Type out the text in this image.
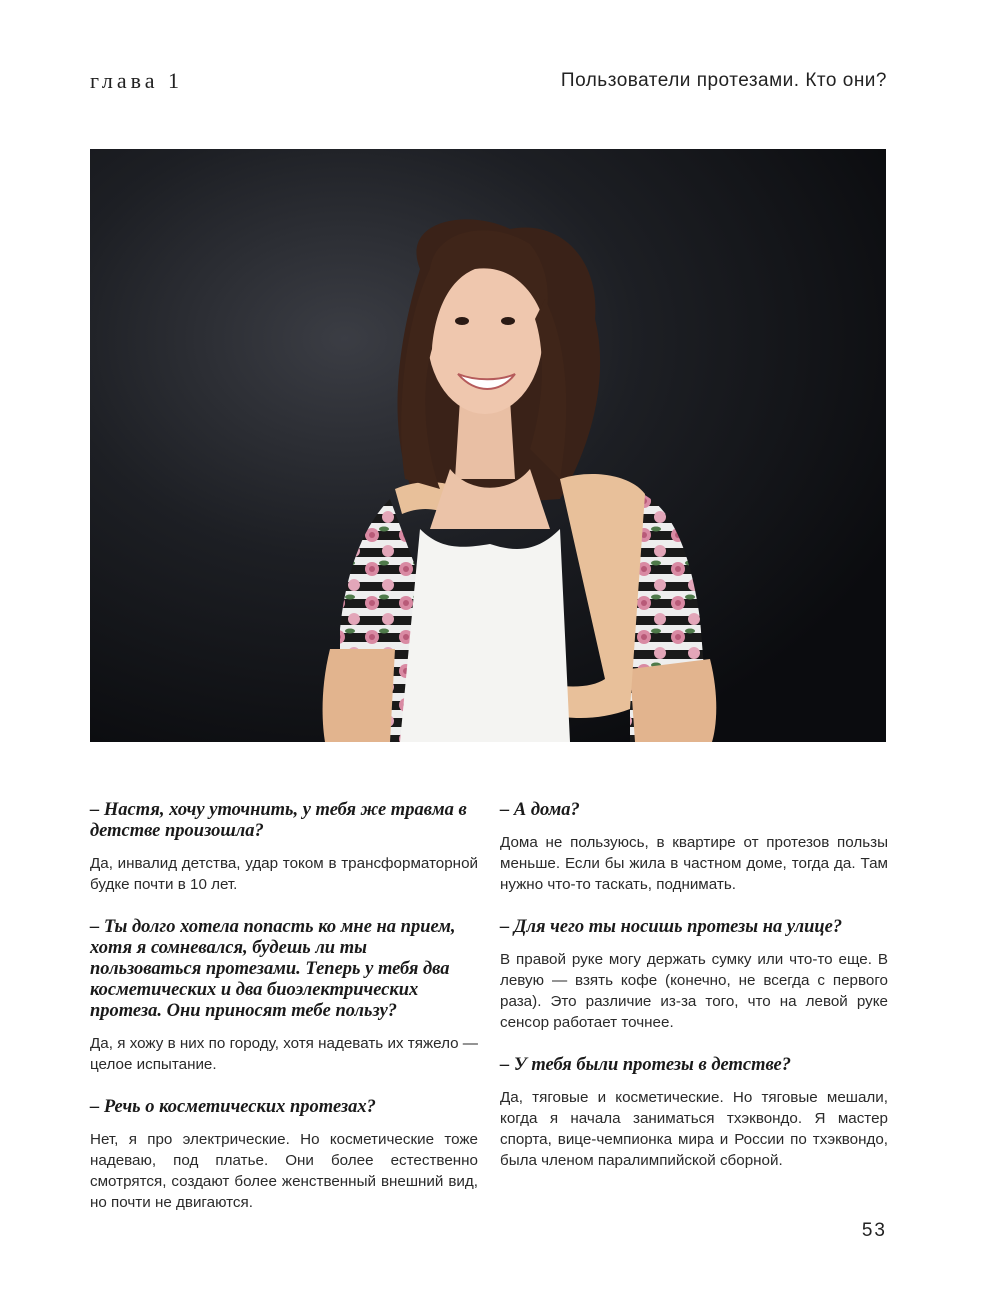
глава 1	Пользователи протезами. Кто они?

– Настя, хочу уточнить, у тебя же травма в детстве произошла?

Да, инвалид детства, удар током в трансформаторной будке почти в 10 лет.

– Ты долго хотела попасть ко мне на прием, хотя я сомневался, будешь ли ты пользоваться протезами. Теперь у тебя два косметических и два биоэлектрических протеза. Они приносят тебе пользу?

Да, я хожу в них по городу, хотя надевать их тяжело — целое испытание.

– Речь о косметических протезах?

Нет, я про электрические. Но косметические тоже надеваю, под платье. Они более естественно смотрятся, создают более женственный внешний вид, но почти не двигаются.

– А дома?

Дома не пользуюсь, в квартире от протезов пользы меньше. Если бы жила в частном доме, тогда да. Там нужно что-то таскать, поднимать.

– Для чего ты носишь протезы на улице?

В правой руке могу держать сумку или что-то еще. В левую — взять кофе (конечно, не всегда с первого раза). Это различие из-за того, что на левой руке сенсор работает точнее.

– У тебя были протезы в детстве?

Да, тяговые и косметические. Но тяговые мешали, когда я начала заниматься тхэквондо. Я мастер спорта, вице-чемпионка мира и России по тхэквондо, была членом паралимпийской сборной.

53
